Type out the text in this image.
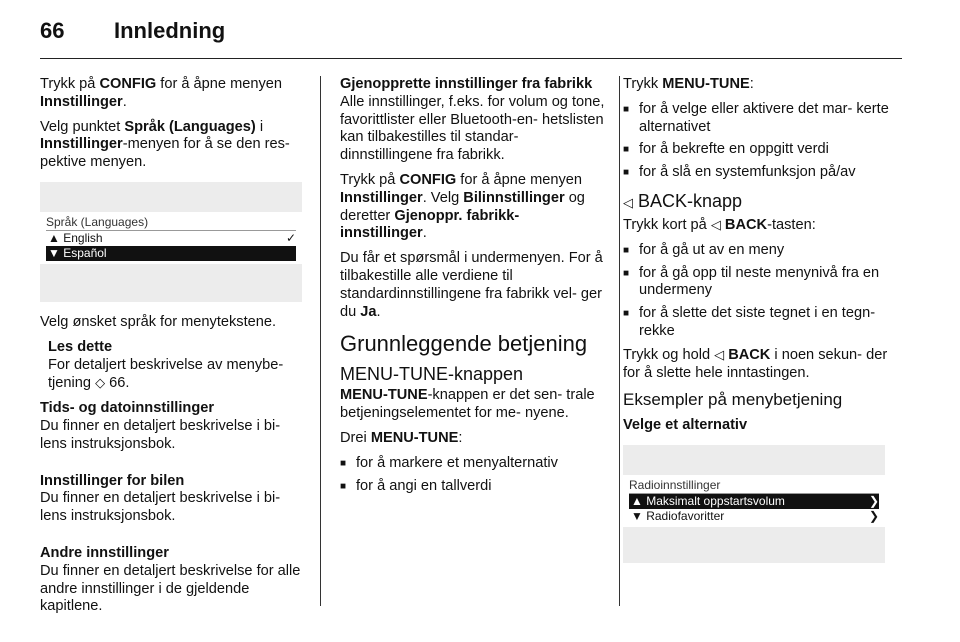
66 Innledning

Trykk på CONFIG for å åpne menyen Innstillinger.

Velg punktet Språk (Languages) i Innstillinger-menyen for å se den res- pektive menyen.

Språk (Languages)
▲ English	✓
▼ Español

Velg ønsket språk for menytekstene.

Les dette
For detaljert beskrivelse av menybe- tjening ◇ 66.
Tids- og datoinnstillinger

Du finner en detaljert beskrivelse i bi- lens instruksjonsbok.

Innstillinger for bilen

Du finner en detaljert beskrivelse i bi- lens instruksjonsbok.

Andre innstillinger

Du finner en detaljert beskrivelse for alle andre innstillinger i de gjeldende kapitlene.

Gjenopprette innstillinger fra fabrikk

Alle innstillinger, f.eks. for volum og tone, favorittlister eller Bluetooth-en- hetslisten kan tilbakestilles til standar- dinnstillingene fra fabrikk.

Trykk på CONFIG for å åpne menyen Innstillinger. Velg Bilinnstillinger og deretter Gjenoppr. fabrikk- innstillinger.

Du får et spørsmål i undermenyen. For å tilbakestille alle verdiene til standardinnstillingene fra fabrikk vel- ger du Ja.

Grunnleggende betjening
MENU-TUNE-knappen

MENU-TUNE-knappen er det sen- trale betjeningselementet for me- nyene.

Drei MENU-TUNE:

■ for å markere et menyalternativ
■ for å angi en tallverdi

Trykk MENU-TUNE:

■ for å velge eller aktivere det mar- kerte alternativet
■ for å bekrefte en oppgitt verdi
■ for å slå en systemfunksjon på/av
◁ BACK-knapp

Trykk kort på ◁ BACK-tasten:

■ for å gå ut av en meny
■ for å gå opp til neste menynivå fra en undermeny
■ for å slette det siste tegnet i en tegn- rekke

Trykk og hold ◁ BACK i noen sekun- der for å slette hele inntastingen.

Eksempler på menybetjening
Velge et alternativ
Radioinnstillinger
▲ Maksimalt oppstartsvolum	❯
▼ Radiofavoritter	❯
